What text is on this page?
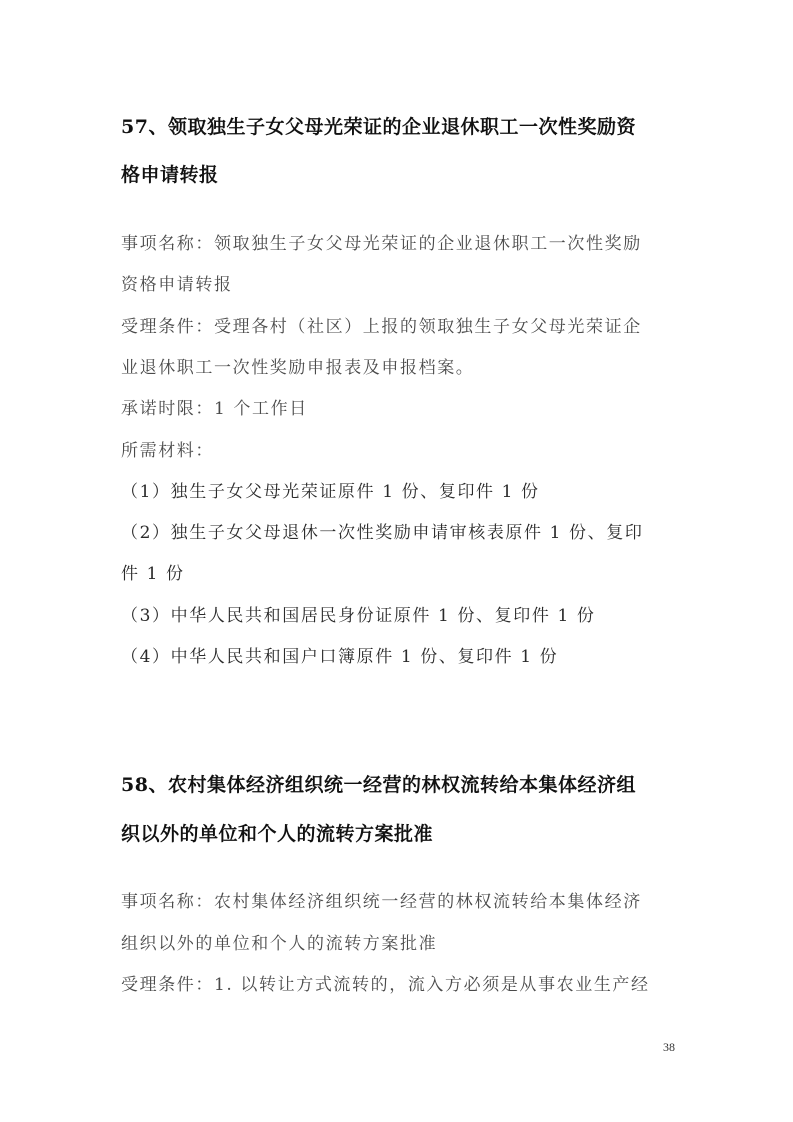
57、领取独生子女父母光荣证的企业退休职工一次性奖励资
格申请转报
事项名称：领取独生子女父母光荣证的企业退休职工一次性奖励
资格申请转报
受理条件：受理各村（社区）上报的领取独生子女父母光荣证企
业退休职工一次性奖励申报表及申报档案。
承诺时限：1 个工作日
所需材料：
（1）独生子女父母光荣证原件 1 份、复印件 1 份
（2）独生子女父母退休一次性奖励申请审核表原件 1 份、复印
件 1 份
（3）中华人民共和国居民身份证原件 1 份、复印件 1 份
（4）中华人民共和国户口簿原件 1 份、复印件 1 份
58、农村集体经济组织统一经营的林权流转给本集体经济组
织以外的单位和个人的流转方案批准
事项名称：农村集体经济组织统一经营的林权流转给本集体经济
组织以外的单位和个人的流转方案批准
受理条件：1. 以转让方式流转的，流入方必须是从事农业生产经
38
